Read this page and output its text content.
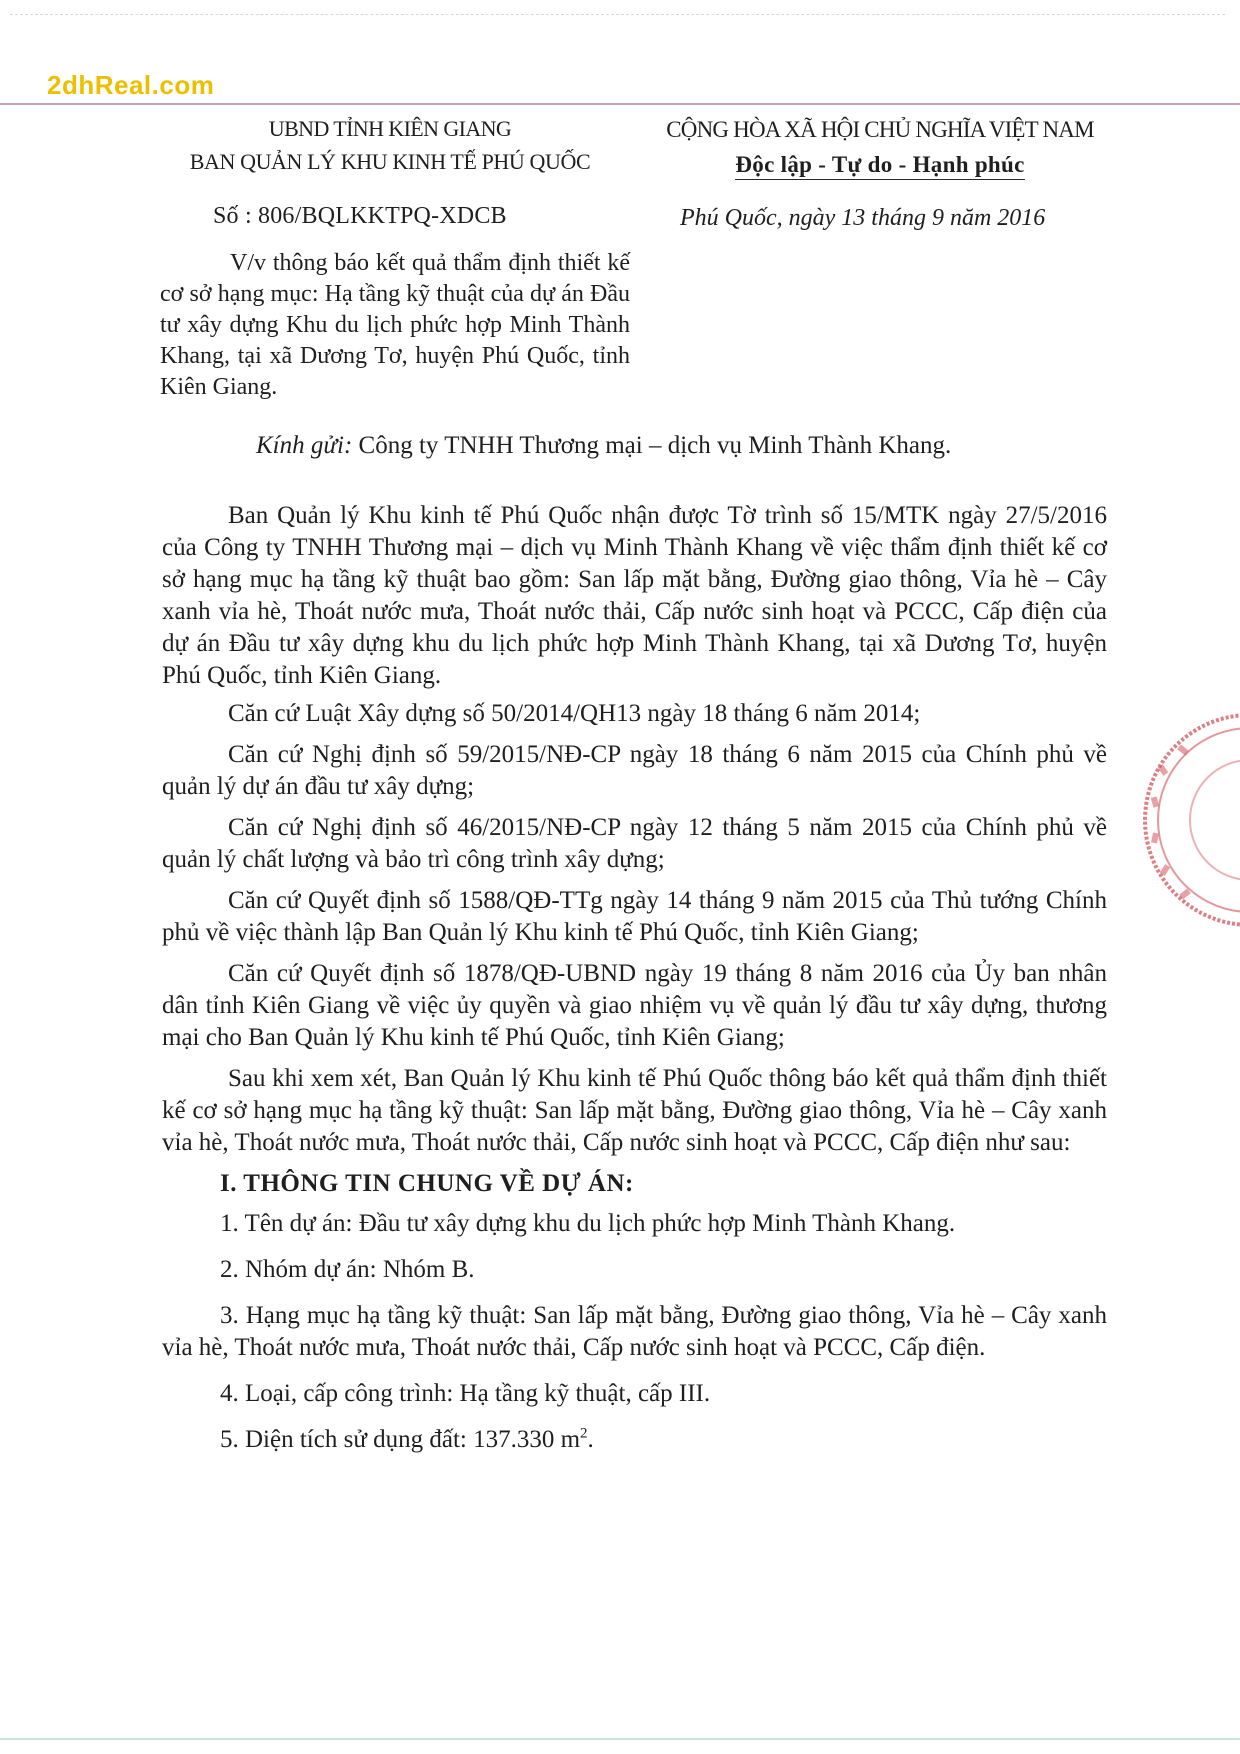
2dhReal.com
UBND TỈNH KIÊN GIANG
BAN QUẢN LÝ KHU KINH TẾ PHÚ QUỐC
CỘNG HÒA XÃ HỘI CHỦ NGHĨA VIỆT NAM
Độc lập - Tự do - Hạnh phúc
Số : 806/BQLKKTPQ-XDCB	Phú Quốc, ngày 13 tháng 9 năm 2016
V/v thông báo kết quả thẩm định thiết kế cơ sở hạng mục: Hạ tầng kỹ thuật của dự án Đầu tư xây dựng Khu du lịch phức hợp Minh Thành Khang, tại xã Dương Tơ, huyện Phú Quốc, tỉnh Kiên Giang.
Kính gửi: Công ty TNHH Thương mại – dịch vụ Minh Thành Khang.

Ban Quản lý Khu kinh tế Phú Quốc nhận được Tờ trình số 15/MTK ngày 27/5/2016 của Công ty TNHH Thương mại – dịch vụ Minh Thành Khang về việc thẩm định thiết kế cơ sở hạng mục hạ tầng kỹ thuật bao gồm: San lấp mặt bằng, Đường giao thông, Vỉa hè – Cây xanh vỉa hè, Thoát nước mưa, Thoát nước thải, Cấp nước sinh hoạt và PCCC, Cấp điện của dự án Đầu tư xây dựng khu du lịch phức hợp Minh Thành Khang, tại xã Dương Tơ, huyện Phú Quốc, tỉnh Kiên Giang.

Căn cứ Luật Xây dựng số 50/2014/QH13 ngày 18 tháng 6 năm 2014;

Căn cứ Nghị định số 59/2015/NĐ-CP ngày 18 tháng 6 năm 2015 của Chính phủ về quản lý dự án đầu tư xây dựng;

Căn cứ Nghị định số 46/2015/NĐ-CP ngày 12 tháng 5 năm 2015 của Chính phủ về quản lý chất lượng và bảo trì công trình xây dựng;

Căn cứ Quyết định số 1588/QĐ-TTg ngày 14 tháng 9 năm 2015 của Thủ tướng Chính phủ về việc thành lập Ban Quản lý Khu kinh tế Phú Quốc, tỉnh Kiên Giang;

Căn cứ Quyết định số 1878/QĐ-UBND ngày 19 tháng 8 năm 2016 của Ủy ban nhân dân tỉnh Kiên Giang về việc ủy quyền và giao nhiệm vụ về quản lý đầu tư xây dựng, thương mại cho Ban Quản lý Khu kinh tế Phú Quốc, tỉnh Kiên Giang;

Sau khi xem xét, Ban Quản lý Khu kinh tế Phú Quốc thông báo kết quả thẩm định thiết kế cơ sở hạng mục hạ tầng kỹ thuật: San lấp mặt bằng, Đường giao thông, Vỉa hè – Cây xanh vỉa hè, Thoát nước mưa, Thoát nước thải, Cấp nước sinh hoạt và PCCC, Cấp điện như sau:

I. THÔNG TIN CHUNG VỀ DỰ ÁN:

1. Tên dự án: Đầu tư xây dựng khu du lịch phức hợp Minh Thành Khang.

2. Nhóm dự án: Nhóm B.

3. Hạng mục hạ tầng kỹ thuật: San lấp mặt bằng, Đường giao thông, Vỉa hè – Cây xanh vỉa hè, Thoát nước mưa, Thoát nước thải, Cấp nước sinh hoạt và PCCC, Cấp điện.

4. Loại, cấp công trình: Hạ tầng kỹ thuật, cấp III.

5. Diện tích sử dụng đất: 137.330 $m^2$.
